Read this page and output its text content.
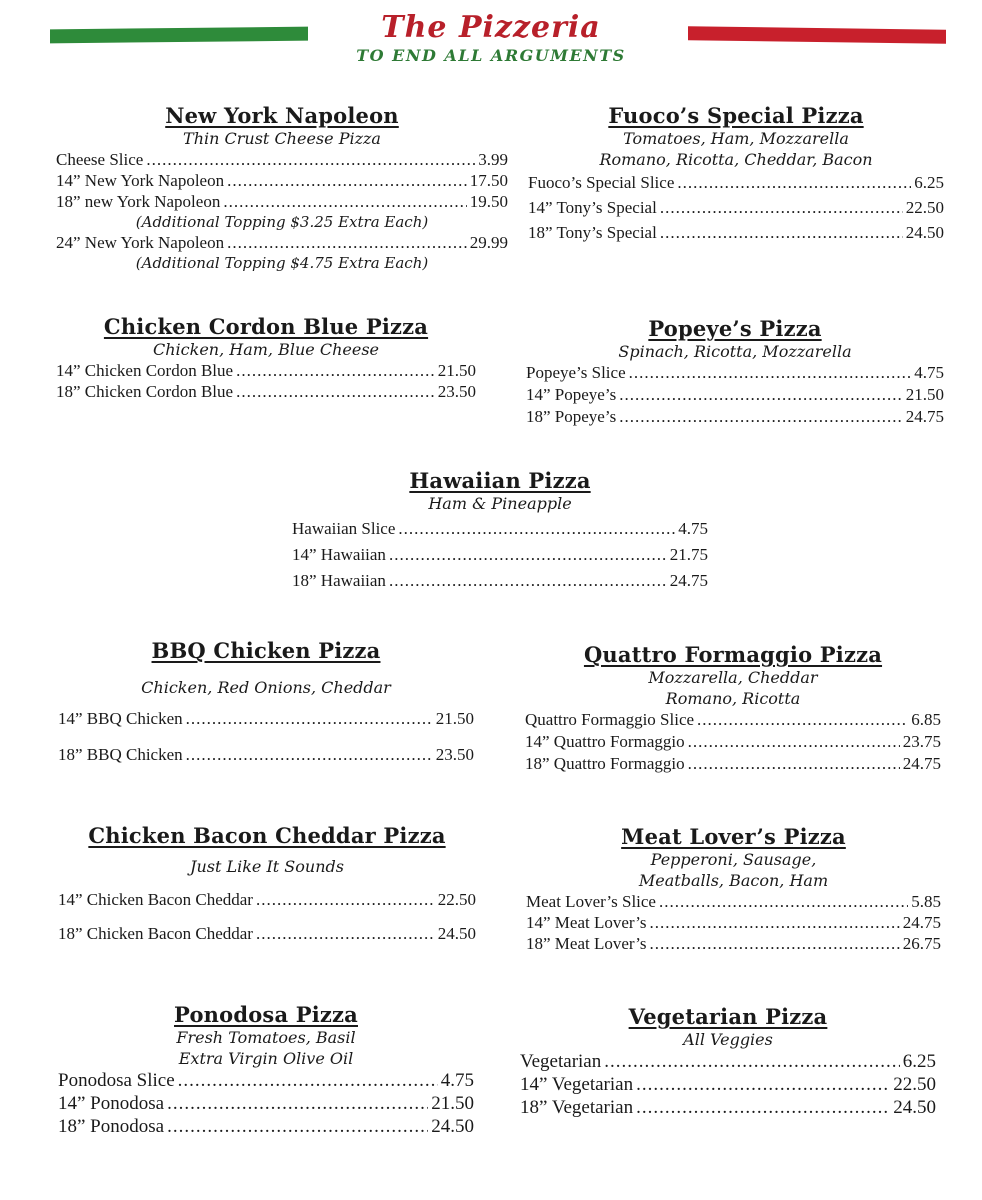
The Pizzeria
TO END ALL ARGUMENTS
New York Napoleon
Thin Crust Cheese Pizza
Cheese Slice .....	3.99
14” New York Napoleon .....	17.50
18” new York Napoleon .....	19.50
(Additional Topping $3.25 Extra Each)
24” New York Napoleon .....	29.99
(Additional Topping $4.75 Extra Each)
Fuoco’s Special Pizza
Tomatoes, Ham, Mozzarella
Romano, Ricotta, Cheddar, Bacon
Fuoco’s Special Slice .....	6.25
14” Tony’s Special .....	22.50
18” Tony’s Special .....	24.50
Chicken Cordon Blue Pizza
Chicken, Ham, Blue Cheese
14” Chicken Cordon Blue .....	21.50
18” Chicken Cordon Blue .....	23.50
Popeye’s Pizza
Spinach, Ricotta, Mozzarella
Popeye’s Slice .....	4.75
14” Popeye’s .....	21.50
18” Popeye’s .....	24.75
Hawaiian Pizza
Ham & Pineapple
Hawaiian Slice .....	4.75
14” Hawaiian .....	21.75
18” Hawaiian .....	24.75
BBQ Chicken Pizza
Chicken, Red Onions, Cheddar
14” BBQ Chicken .....	21.50
18” BBQ Chicken .....	23.50
Quattro Formaggio Pizza
Mozzarella, Cheddar
Romano, Ricotta
Quattro Formaggio Slice .....	6.85
14” Quattro Formaggio .....	23.75
18” Quattro Formaggio .....	24.75
Chicken Bacon Cheddar Pizza
Just Like It Sounds
14” Chicken Bacon Cheddar .....	22.50
18” Chicken Bacon Cheddar .....	24.50
Meat Lover’s Pizza
Pepperoni, Sausage,
Meatballs, Bacon, Ham
Meat Lover’s Slice .....	5.85
14” Meat Lover’s .....	24.75
18” Meat Lover’s .....	26.75
Ponodosa Pizza
Fresh Tomatoes, Basil
Extra Virgin Olive Oil
Ponodosa Slice .....	4.75
14” Ponodosa .....	21.50
18” Ponodosa .....	24.50
Vegetarian Pizza
All Veggies
Vegetarian .....	6.25
14” Vegetarian .....	22.50
18” Vegetarian .....	24.50
